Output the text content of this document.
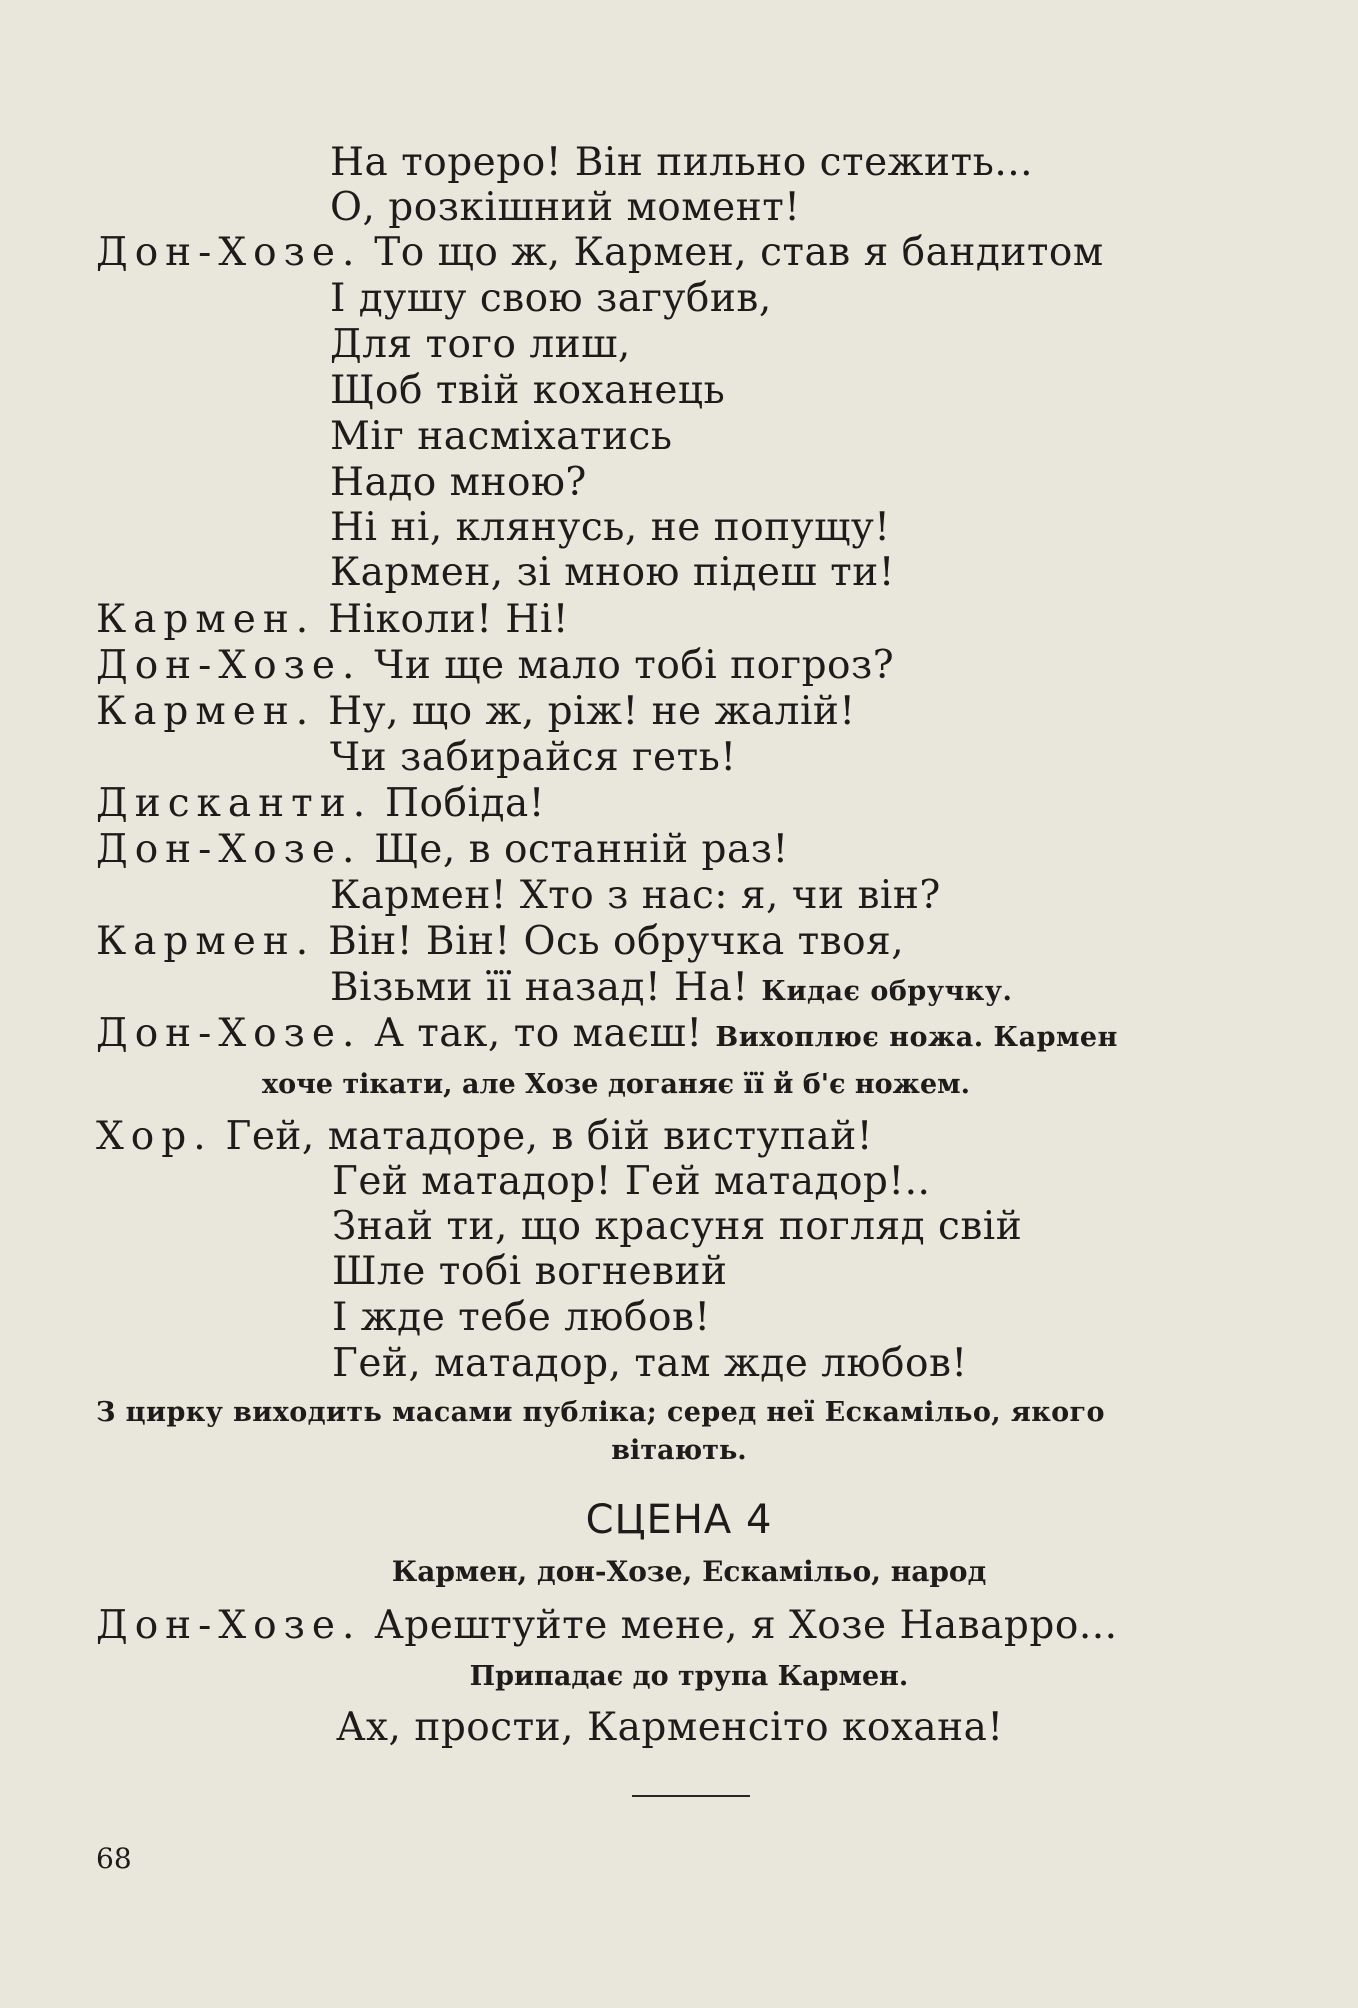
На тореро! Він пильно стежить...
О, розкішний момент!
Дон-Хозе. То що ж, Кармен, став я бандитом
І душу свою загубив,
Для того лиш,
Щоб твій коханець
Міг насміхатись
Надо мною?
Ні ні, клянусь, не попущу!
Кармен, зі мною підеш ти!
Кармен. Ніколи! Ні!
Дон-Хозе. Чи ще мало тобі погроз?
Кармен. Ну, що ж, ріж! не жалій!
Чи забирайся геть!
Дисканти. Побіда!
Дон-Хозе. Ще, в останній раз!
Кармен! Хто з нас: я, чи він?
Кармен. Він! Він! Ось обручка твоя,
Візьми її назад! На! Кидає обручку.
Дон-Хозе. А так, то маєш! Вихоплює ножа. Кармен
хоче тікати, але Хозе доганяє її й б'є ножем.
Хор. Гей, матадоре, в бій виступай!
Гей матадор! Гей матадор!..
Знай ти, що красуня погляд свій
Шле тобі вогневий
І жде тебе любов!
Гей, матадор, там жде любов!
З цирку виходить масами публіка; серед неї Ескамільо, якого
вітають.
СЦЕНА 4
Кармен, дон-Хозе, Ескамільо, народ
Дон-Хозе. Арештуйте мене, я Хозе Наварро...
Припадає до трупа Кармен.
Ах, прости, Карменсіто кохана!
68
